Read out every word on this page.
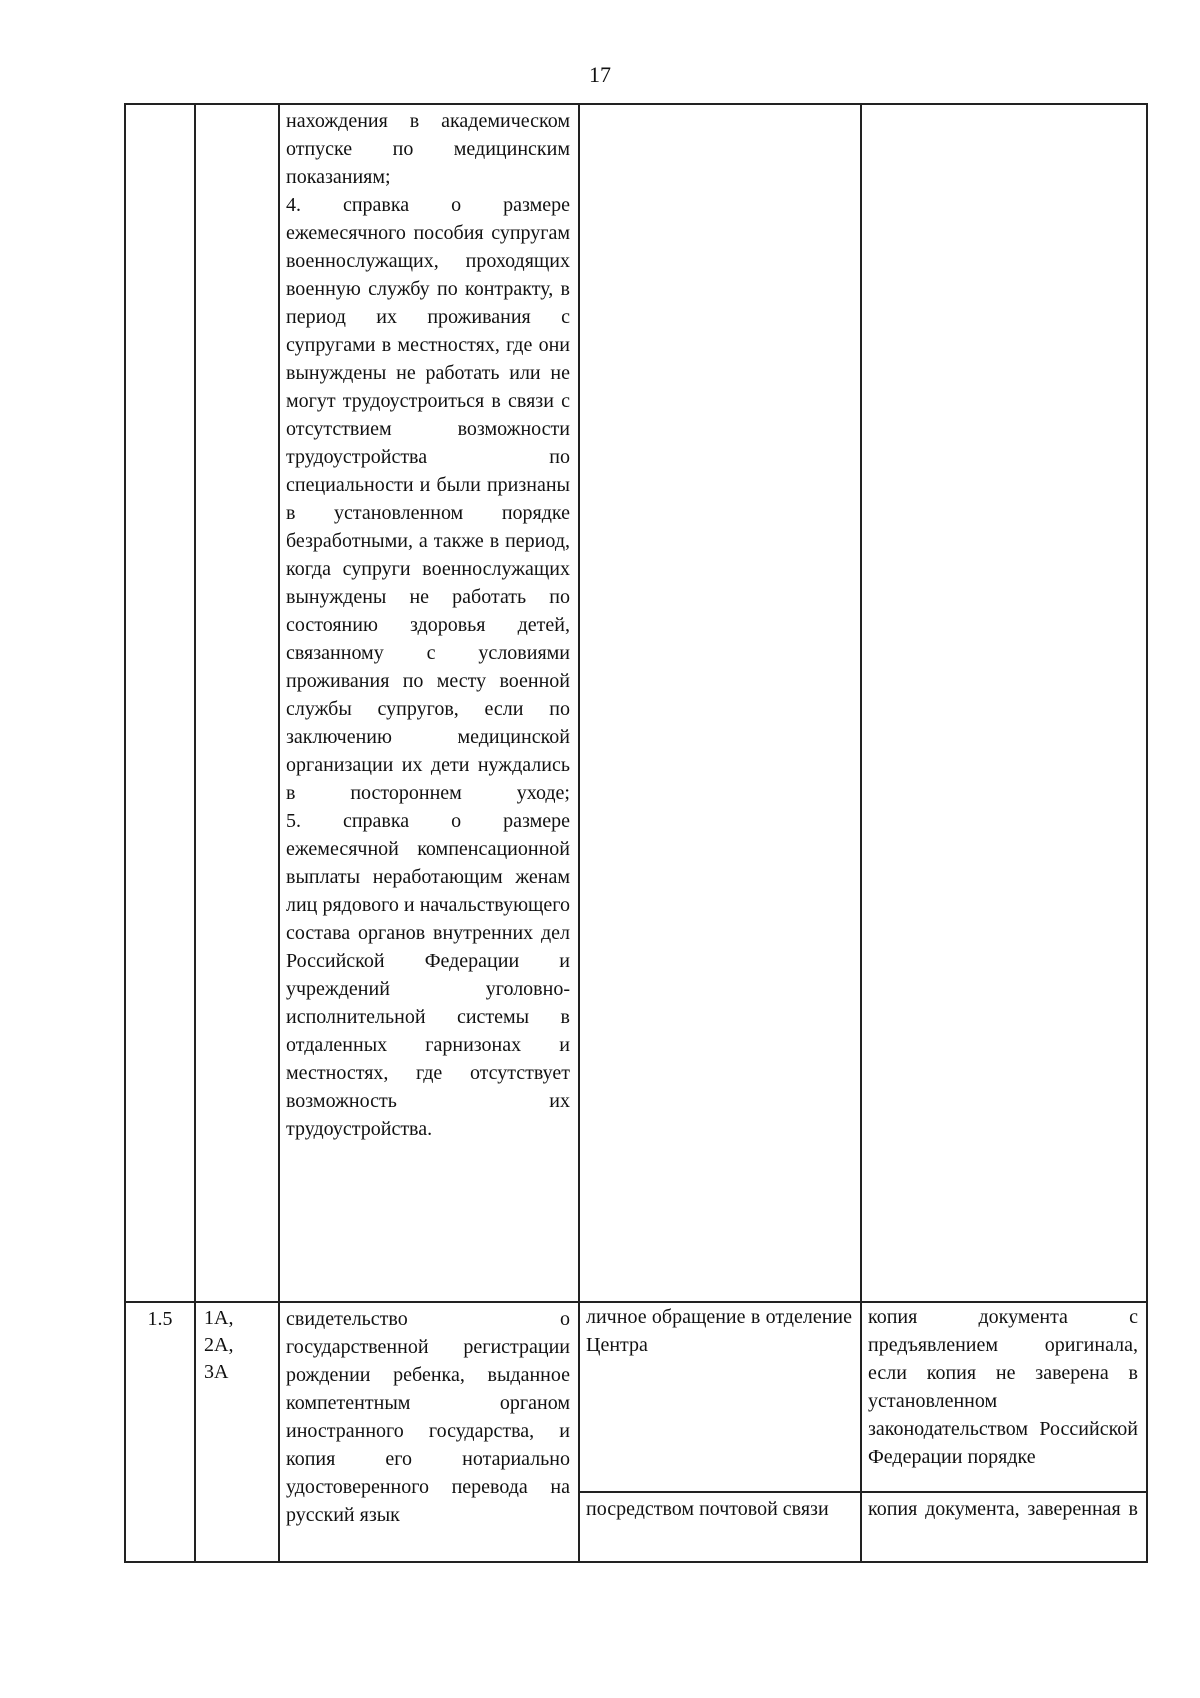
17

нахождения в академическом отпуске по медицинским показаниям;

4. справка о размере ежемесячного пособия супругам военнослужащих, проходящих военную службу по контракту, в период их проживания с супругами в местностях, где они вынуждены не работать или не могут трудоустроиться в связи с отсутствием возможности трудоустройства по специальности и были признаны в установленном порядке безработными, а также в период, когда супруги военнослужащих вынуждены не работать по состоянию здоровья детей, связанному с условиями проживания по месту военной службы супругов, если по заключению медицинской организации их дети нуждались в постороннем уходе;

5. справка о размере ежемесячной компенсационной выплаты неработающим женам лиц рядового и начальствующего состава органов внутренних дел Российской Федерации и учреждений уголовно-исполнительной системы в отдаленных гарнизонах и местностях, где отсутствует возможность их трудоустройства.

1.5	1А,
2А,
3А

свидетельство о государственной регистрации рождении ребенка, выданное компетентным органом иностранного государства, и копия его нотариально удостоверенного перевода на русский язык

личное обращение в отделение Центра

копия документа с предъявлением оригинала, если копия не заверена в установленном законодательством Российской Федерации порядке

посредством почтовой связи	копия документа, заверенная в
